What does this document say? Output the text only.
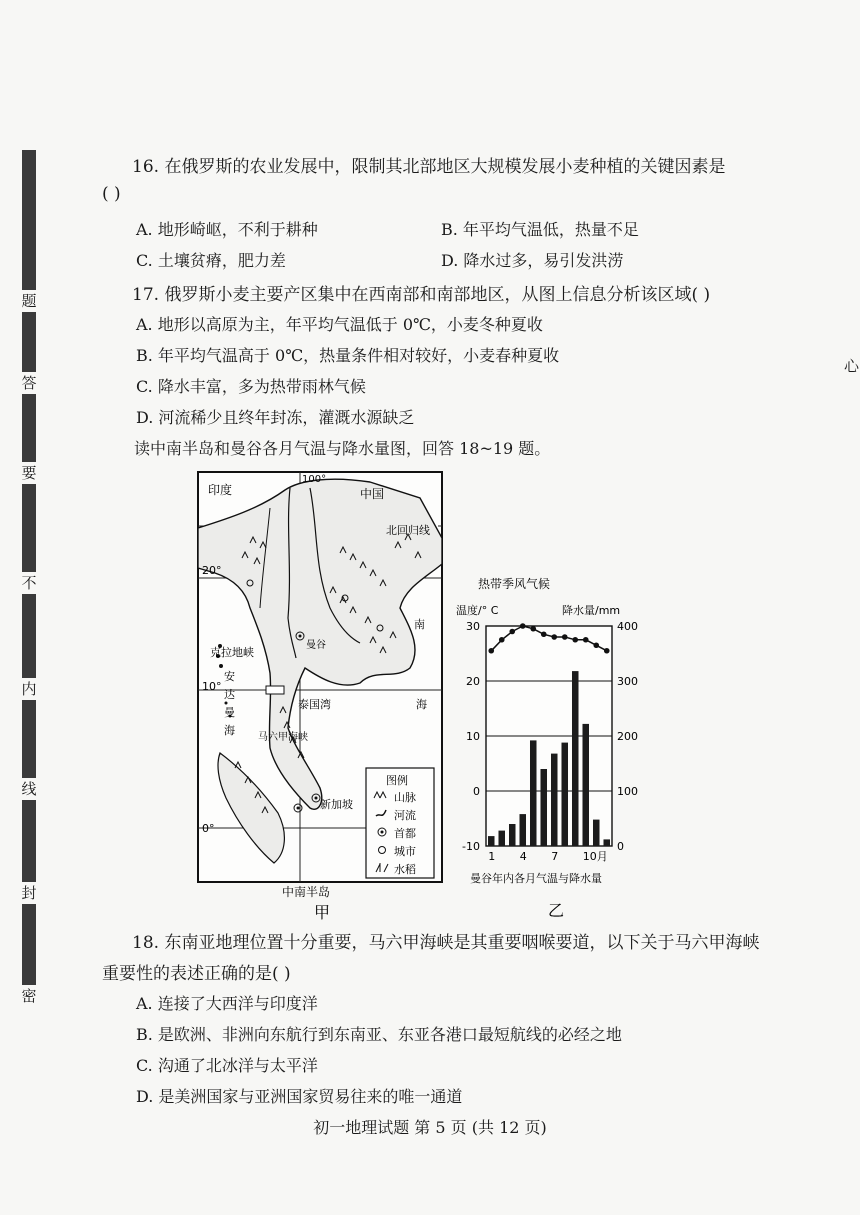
题
答
要
不
内
线
封
密
心
16. 在俄罗斯的农业发展中，限制其北部地区大规模发展小麦种植的关键因素是
( )
A. 地形崎岖，不利于耕种	B. 年平均气温低，热量不足
C. 土壤贫瘠，肥力差	D. 降水过多，易引发洪涝
17. 俄罗斯小麦主要产区集中在西南部和南部地区，从图上信息分析该区域( )
A. 地形以高原为主，年平均气温低于 0℃，小麦冬种夏收
B. 年平均气温高于 0℃，热量条件相对较好，小麦春种夏收
C. 降水丰富，多为热带雨林气候
D. 河流稀少且终年封冻，灌溉水源缺乏
读中南半岛和曼谷各月气温与降水量图，回答 18~19 题。
印度	中国
北回归线
100°
20°
10°
0°
克拉地峡
安
达
曼
海
泰国湾
曼谷
南
海
马六甲海峡
新加坡
图例
山脉
河流
首都
城市
水稻
中南半岛
甲
热带季风气候
温度/° C	降水量/mm
30
20
10
0
-10
400
300
200
100
0
1 4 7 10月
曼谷年内各月气温与降水量
乙
18. 东南亚地理位置十分重要，马六甲海峡是其重要咽喉要道，以下关于马六甲海峡
重要性的表述正确的是( )
A. 连接了大西洋与印度洋
B. 是欧洲、非洲向东航行到东南亚、东亚各港口最短航线的必经之地
C. 沟通了北冰洋与太平洋
D. 是美洲国家与亚洲国家贸易往来的唯一通道
初一地理试题 第 5 页 (共 12 页)
